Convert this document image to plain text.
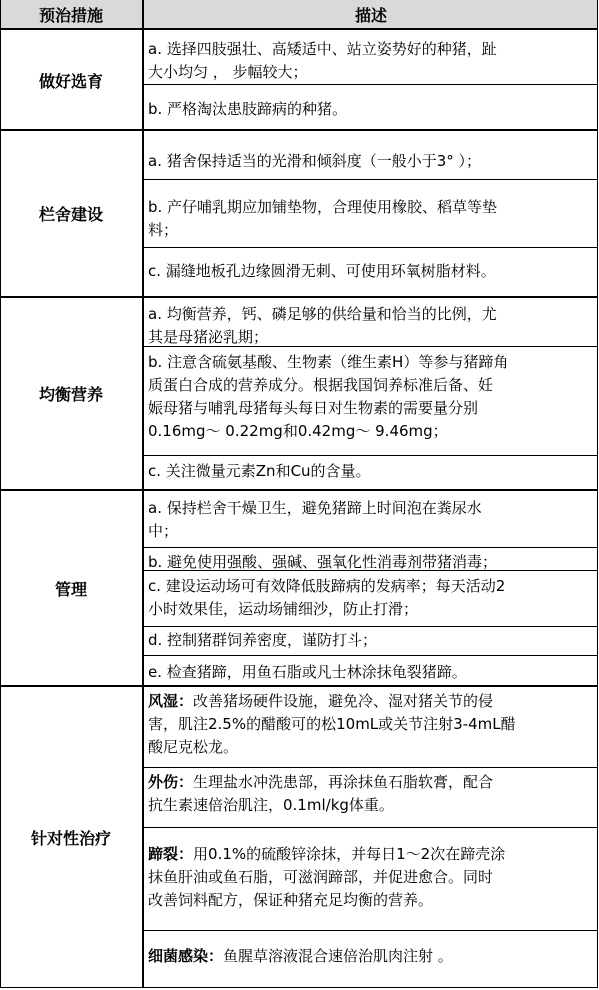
预治措施	描述
做好选育
a. 选择四肢强壮、高矮适中、站立姿势好的种猪，趾
大小均匀 ， 步幅较大；
b. 严格淘汰患肢蹄病的种猪。
栏舍建设
a. 猪舍保持适当的光滑和倾斜度（一般小于3° ）；
b. 产仔哺乳期应加铺垫物，合理使用橡胶、稻草等垫
料；
c. 漏缝地板孔边缘圆滑无刺、可使用环氧树脂材料。
均衡营养
a. 均衡营养，钙、磷足够的供给量和恰当的比例，尤
其是母猪泌乳期；
b. 注意含硫氨基酸、生物素（维生素H）等参与猪蹄角
质蛋白合成的营养成分。根据我国饲养标准后备、妊
娠母猪与哺乳母猪每头每日对生物素的需要量分别
0.16mg～ 0.22mg和0.42mg～ 9.46mg；
c. 关注微量元素Zn和Cu的含量。
管理
a. 保持栏舍干燥卫生，避免猪蹄上时间泡在粪尿水
中；
b. 避免使用强酸、强碱、强氧化性消毒剂带猪消毒；
c. 建设运动场可有效降低肢蹄病的发病率；每天活动2
小时效果佳，运动场铺细沙，防止打滑；
d. 控制猪群饲养密度，谨防打斗；
e. 检查猪蹄，用鱼石脂或凡士林涂抹龟裂猪蹄。
针对性治疗
风湿：改善猪场硬件设施，避免冷、湿对猪关节的侵
害，肌注2.5%的醋酸可的松10mL或关节注射3-4mL醋
酸尼克松龙。
外伤：生理盐水冲洗患部，再涂抹鱼石脂软膏，配合
抗生素速倍治肌注，0.1ml/kg体重。
蹄裂：用0.1%的硫酸锌涂抹，并每日1～2次在蹄壳涂
抹鱼肝油或鱼石脂，可滋润蹄部，并促进愈合。同时
改善饲料配方，保证种猪充足均衡的营养。
细菌感染：鱼腥草溶液混合速倍治肌肉注射 。
